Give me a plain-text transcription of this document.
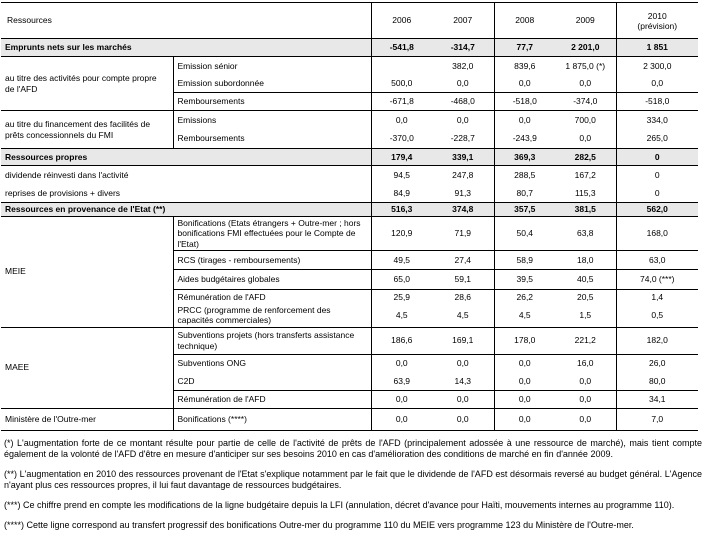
Ressources		2006	2007	2008	2009	2010 (prévision)

Emprunts nets sur les marchés		-541,8	-314,7	77,7	2 201,0	1 851
au titre des activités pour compte propre de l'AFD	Emission sénior		382,0	839,6	1 875,0 (*)	2 300,0
	Emission subordonnée	500,0	0,0	0,0	0,0	0,0
	Remboursements	-671,8	-468,0	-518,0	-374,0	-518,0
au titre du financement des facilités de prêts concessionnels du FMI	Emissions	0,0	0,0	0,0	700,0	334,0
	Remboursements	-370,0	-228,7	-243,9	0,0	265,0
Ressources propres		179,4	339,1	369,3	282,5	0
dividende réinvesti dans l'activité		94,5	247,8	288,5	167,2	0
reprises de provisions + divers		84,9	91,3	80,7	115,3	0
Ressources en provenance de l'Etat (**)		516,3	374,8	357,5	381,5	562,0
MEIE	Bonifications (Etats étrangers + Outre-mer ; hors bonifications FMI effectuées pour le Compte de l'Etat)	120,9	71,9	50,4	63,8	168,0
	RCS (tirages - remboursements)	49,5	27,4	58,9	18,0	63,0
	Aides budgétaires globales	65,0	59,1	39,5	40,5	74,0 (***)
	Rémunération de l'AFD	25,9	28,6	26,2	20,5	1,4
	PRCC (programme de renforcement des capacités commerciales)	4,5	4,5	4,5	1,5	0,5
MAEE	Subventions projets (hors transferts assistance technique)	186,6	169,1	178,0	221,2	182,0
	Subventions ONG	0,0	0,0	0,0	16,0	26,0
	C2D	63,9	14,3	0,0	0,0	80,0
	Rémunération de l'AFD	0,0	0,0	0,0	0,0	34,1
Ministère de l'Outre-mer	Bonifications (****)	0,0	0,0	0,0	0,0	7,0

(*) L'augmentation forte de ce montant résulte pour partie de celle de l'activité de prêts de l'AFD (principalement adossée à une ressource de marché), mais tient compte également de la volonté de l'AFD d'être en mesure d'anticiper sur ses besoins 2010 en cas d'amélioration des conditions de marché en fin d'année 2009.

(**) L'augmentation en 2010 des ressources provenant de l'Etat s'explique notamment par le fait que le dividende de l'AFD est désormais reversé au budget général. L'Agence n'ayant plus ces ressources propres, il lui faut davantage de ressources budgétaires.

(***) Ce chiffre prend en compte les modifications de la ligne budgétaire depuis la LFI (annulation, décret d'avance pour Haïti, mouvements internes au programme 110).

(****) Cette ligne correspond au transfert progressif des bonifications Outre-mer du programme 110 du MEIE vers programme 123 du Ministère de l'Outre-mer.
